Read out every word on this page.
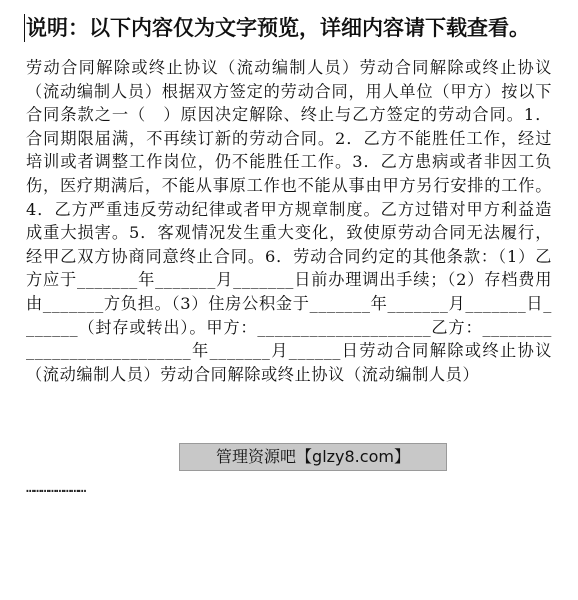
说明：以下内容仅为文字预览，详细内容请下载查看。
劳动合同解除或终止协议（流动编制人员）劳动合同解除或终止协议（流动编制人员）根据双方签定的劳动合同，用人单位（甲方）按以下合同条款之一（　）原因决定解除、终止与乙方签定的劳动合同。1．合同期限届满，不再续订新的劳动合同。2．乙方不能胜任工作，经过培训或者调整工作岗位，仍不能胜任工作。3．乙方患病或者非因工负伤，医疗期满后，不能从事原工作也不能从事由甲方另行安排的工作。4．乙方严重违反劳动纪律或者甲方规章制度。乙方过错对甲方利益造成重大损害。5．客观情况发生重大变化，致使原劳动合同无法履行，经甲乙双方协商同意终止合同。6．劳动合同约定的其他条款：（1）乙方应于_______年_______月_______日前办理调出手续；（2）存档费用由_______方负担。（3）住房公积金于_______年_______月_______日_______（封存或转出）。甲方：____________________乙方：___________________________年_______月______日劳动合同解除或终止协议（流动编制人员）劳动合同解除或终止协议（流动编制人员）
管理资源吧【glzy8.com】
……………………
